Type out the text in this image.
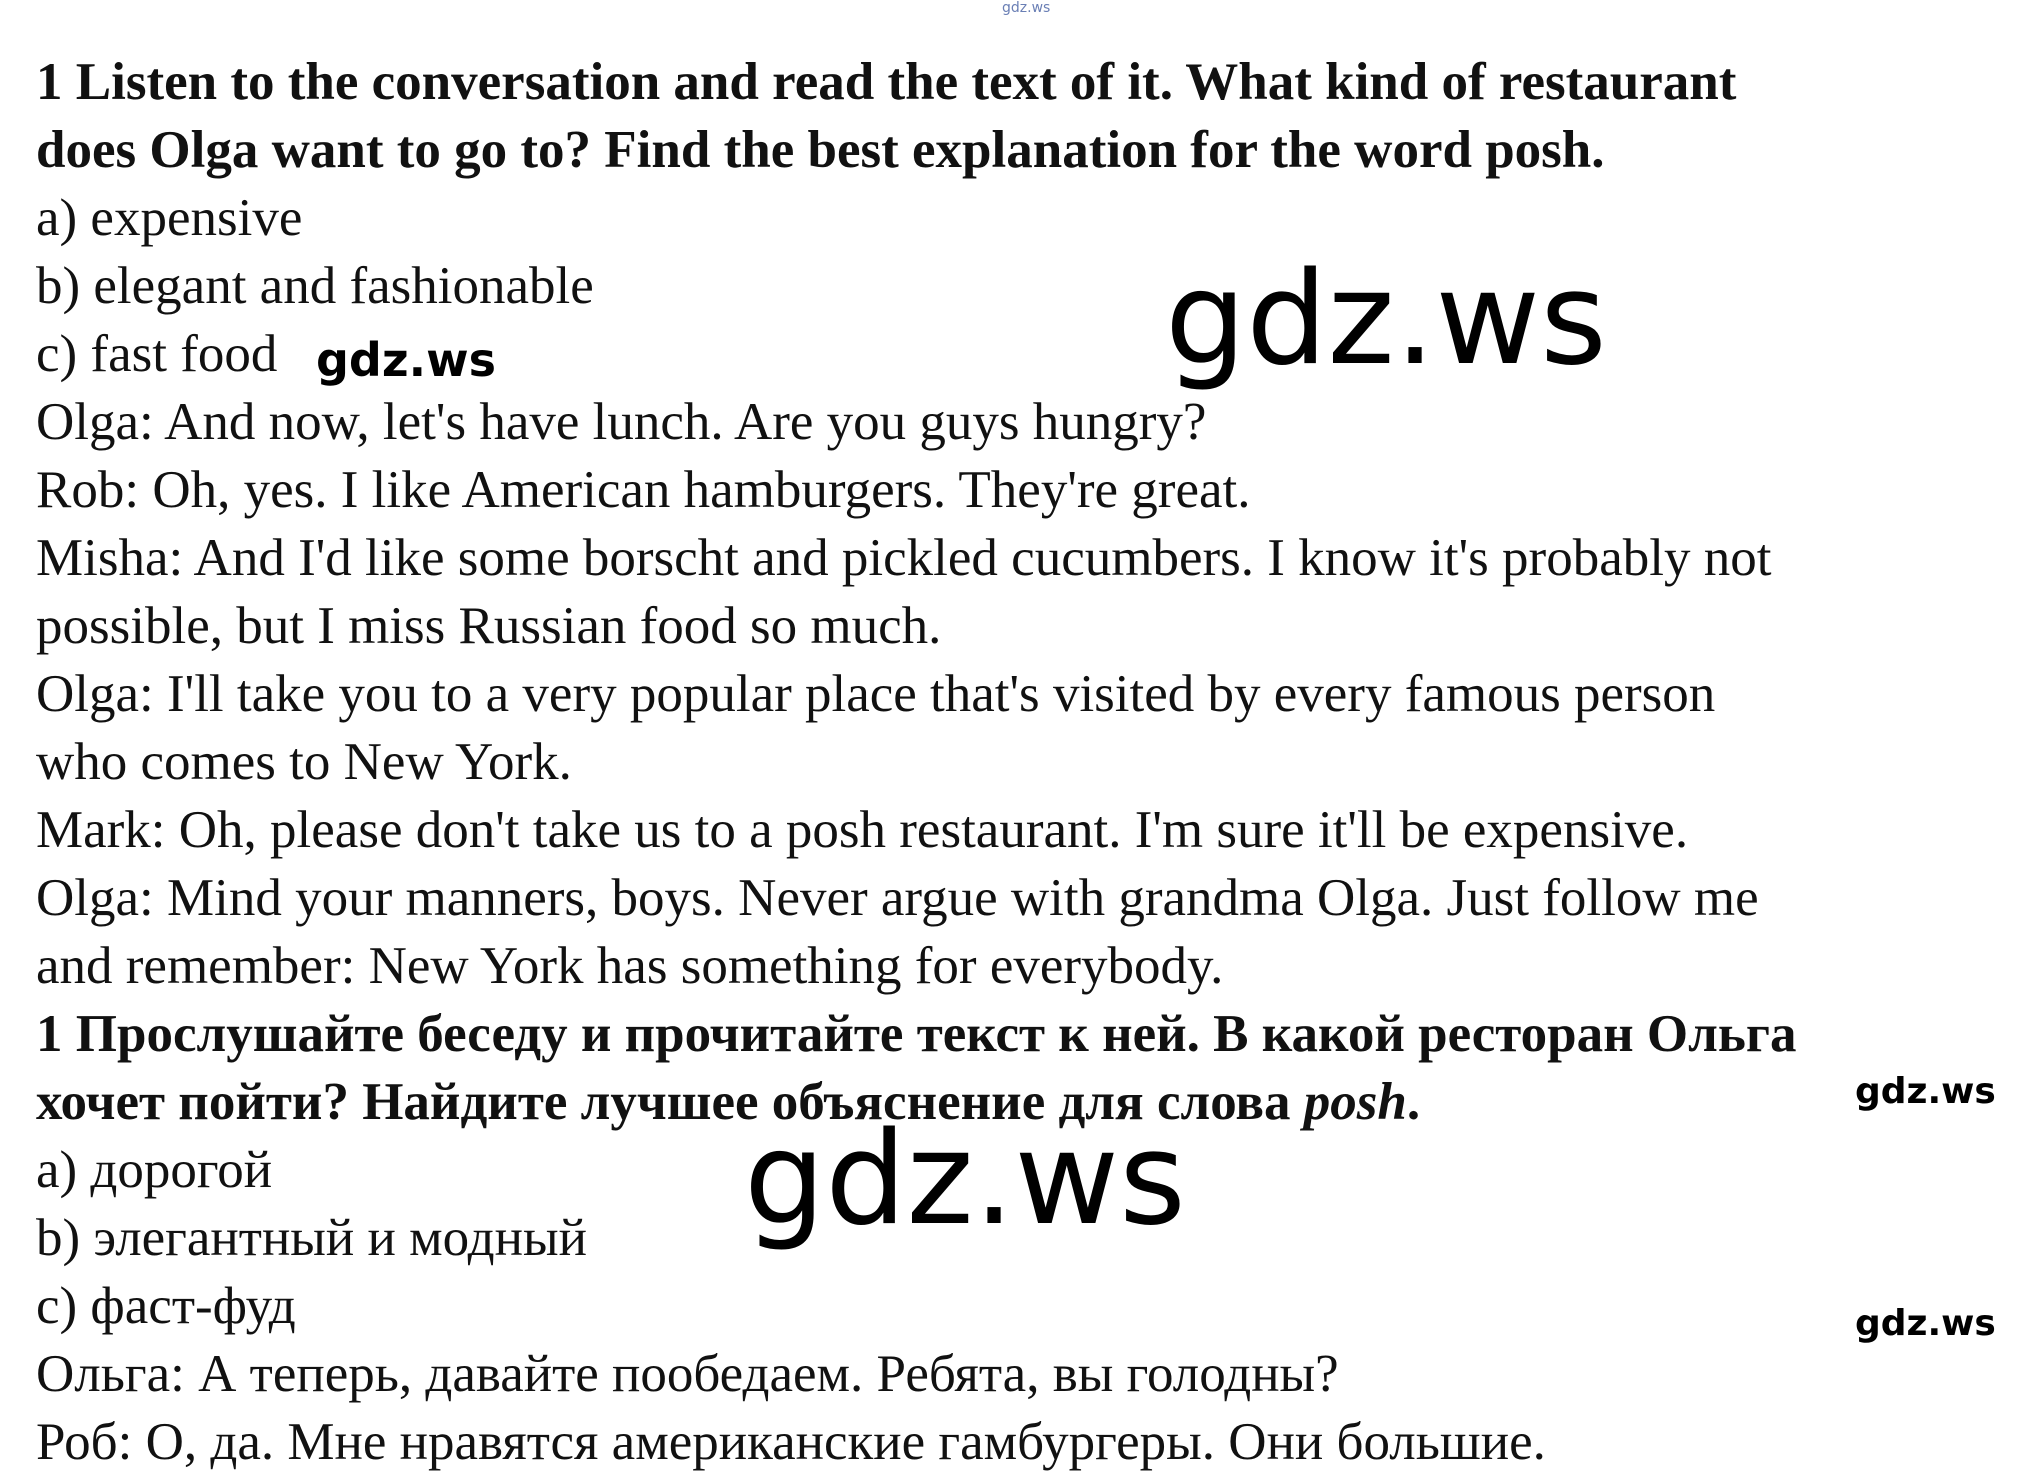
1 Listen to the conversation and read the text of it. What kind of restaurant
does Olga want to go to? Find the best explanation for the word posh.
a) expensive
b) elegant and fashionable
c) fast food
Olga: And now, let's have lunch. Are you guys hungry?
Rob: Oh, yes. I like American hamburgers. They're great.
Misha: And I'd like some borscht and pickled cucumbers. I know it's probably not
possible, but I miss Russian food so much.
Olga: I'll take you to a very popular place that's visited by every famous person
who comes to New York.
Mark: Oh, please don't take us to a posh restaurant. I'm sure it'll be expensive.
Olga: Mind your manners, boys. Never argue with grandma Olga. Just follow me
and remember: New York has something for everybody.
1 Прослушайте беседу и прочитайте текст к ней. В какой ресторан Ольга
хочет пойти? Найдите лучшее объяснение для слова posh.
a) дорогой
b) элегантный и модный
c) фаст-фуд
Ольга: А теперь, давайте пообедаем. Ребята, вы голодны?
Роб: О, да. Мне нравятся американские гамбургеры. Они большие.
gdz.ws
gdz.ws
gdz.ws
gdz.ws
gdz.ws
gdz.ws
